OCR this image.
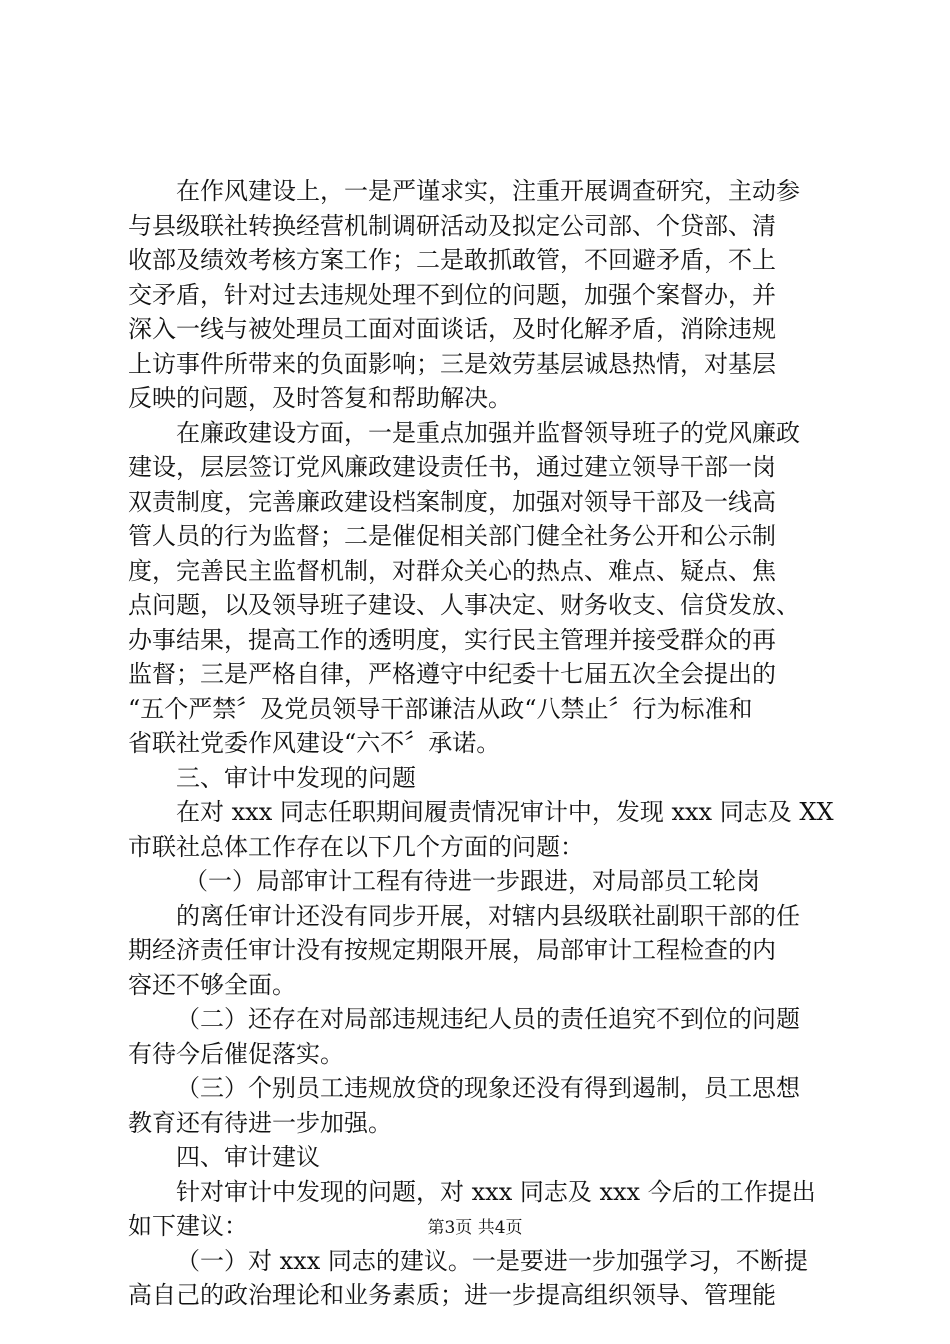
在作风建设上，一是严谨求实，注重开展调查研究，主动参
与县级联社转换经营机制调研活动及拟定公司部、个贷部、清
收部及绩效考核方案工作；二是敢抓敢管，不回避矛盾，不上
交矛盾，针对过去违规处理不到位的问题，加强个案督办，并
深入一线与被处理员工面对面谈话，及时化解矛盾，消除违规
上访事件所带来的负面影响；三是效劳基层诚恳热情，对基层
反映的问题，及时答复和帮助解决。
在廉政建设方面，一是重点加强并监督领导班子的党风廉政
建设，层层签订党风廉政建设责任书，通过建立领导干部一岗
双责制度，完善廉政建设档案制度，加强对领导干部及一线高
管人员的行为监督；二是催促相关部门健全社务公开和公示制
度，完善民主监督机制，对群众关心的热点、难点、疑点、焦
点问题，以及领导班子建设、人事决定、财务收支、信贷发放、
办事结果，提高工作的透明度，实行民主管理并接受群众的再
监督；三是严格自律，严格遵守中纪委十七届五次全会提出的
“五个严禁〞及党员领导干部谦洁从政“八禁止〞行为标准和
省联社党委作风建设“六不〞承诺。
三、审计中发现的问题
在对 xxx 同志任职期间履责情况审计中，发现 xxx 同志及 XX
市联社总体工作存在以下几个方面的问题：
（一）局部审计工程有待进一步跟进，对局部员工轮岗
的离任审计还没有同步开展，对辖内县级联社副职干部的任
期经济责任审计没有按规定期限开展，局部审计工程检查的内
容还不够全面。
（二）还存在对局部违规违纪人员的责任追究不到位的问题
有待今后催促落实。
（三）个别员工违规放贷的现象还没有得到遏制，员工思想
教育还有待进一步加强。
四、审计建议
针对审计中发现的问题，对 xxx 同志及 xxx 今后的工作提出
如下建议：
（一）对 xxx 同志的建议。一是要进一步加强学习，不断提
高自己的政治理论和业务素质；进一步提高组织领导、管理能
第3页 共4页
